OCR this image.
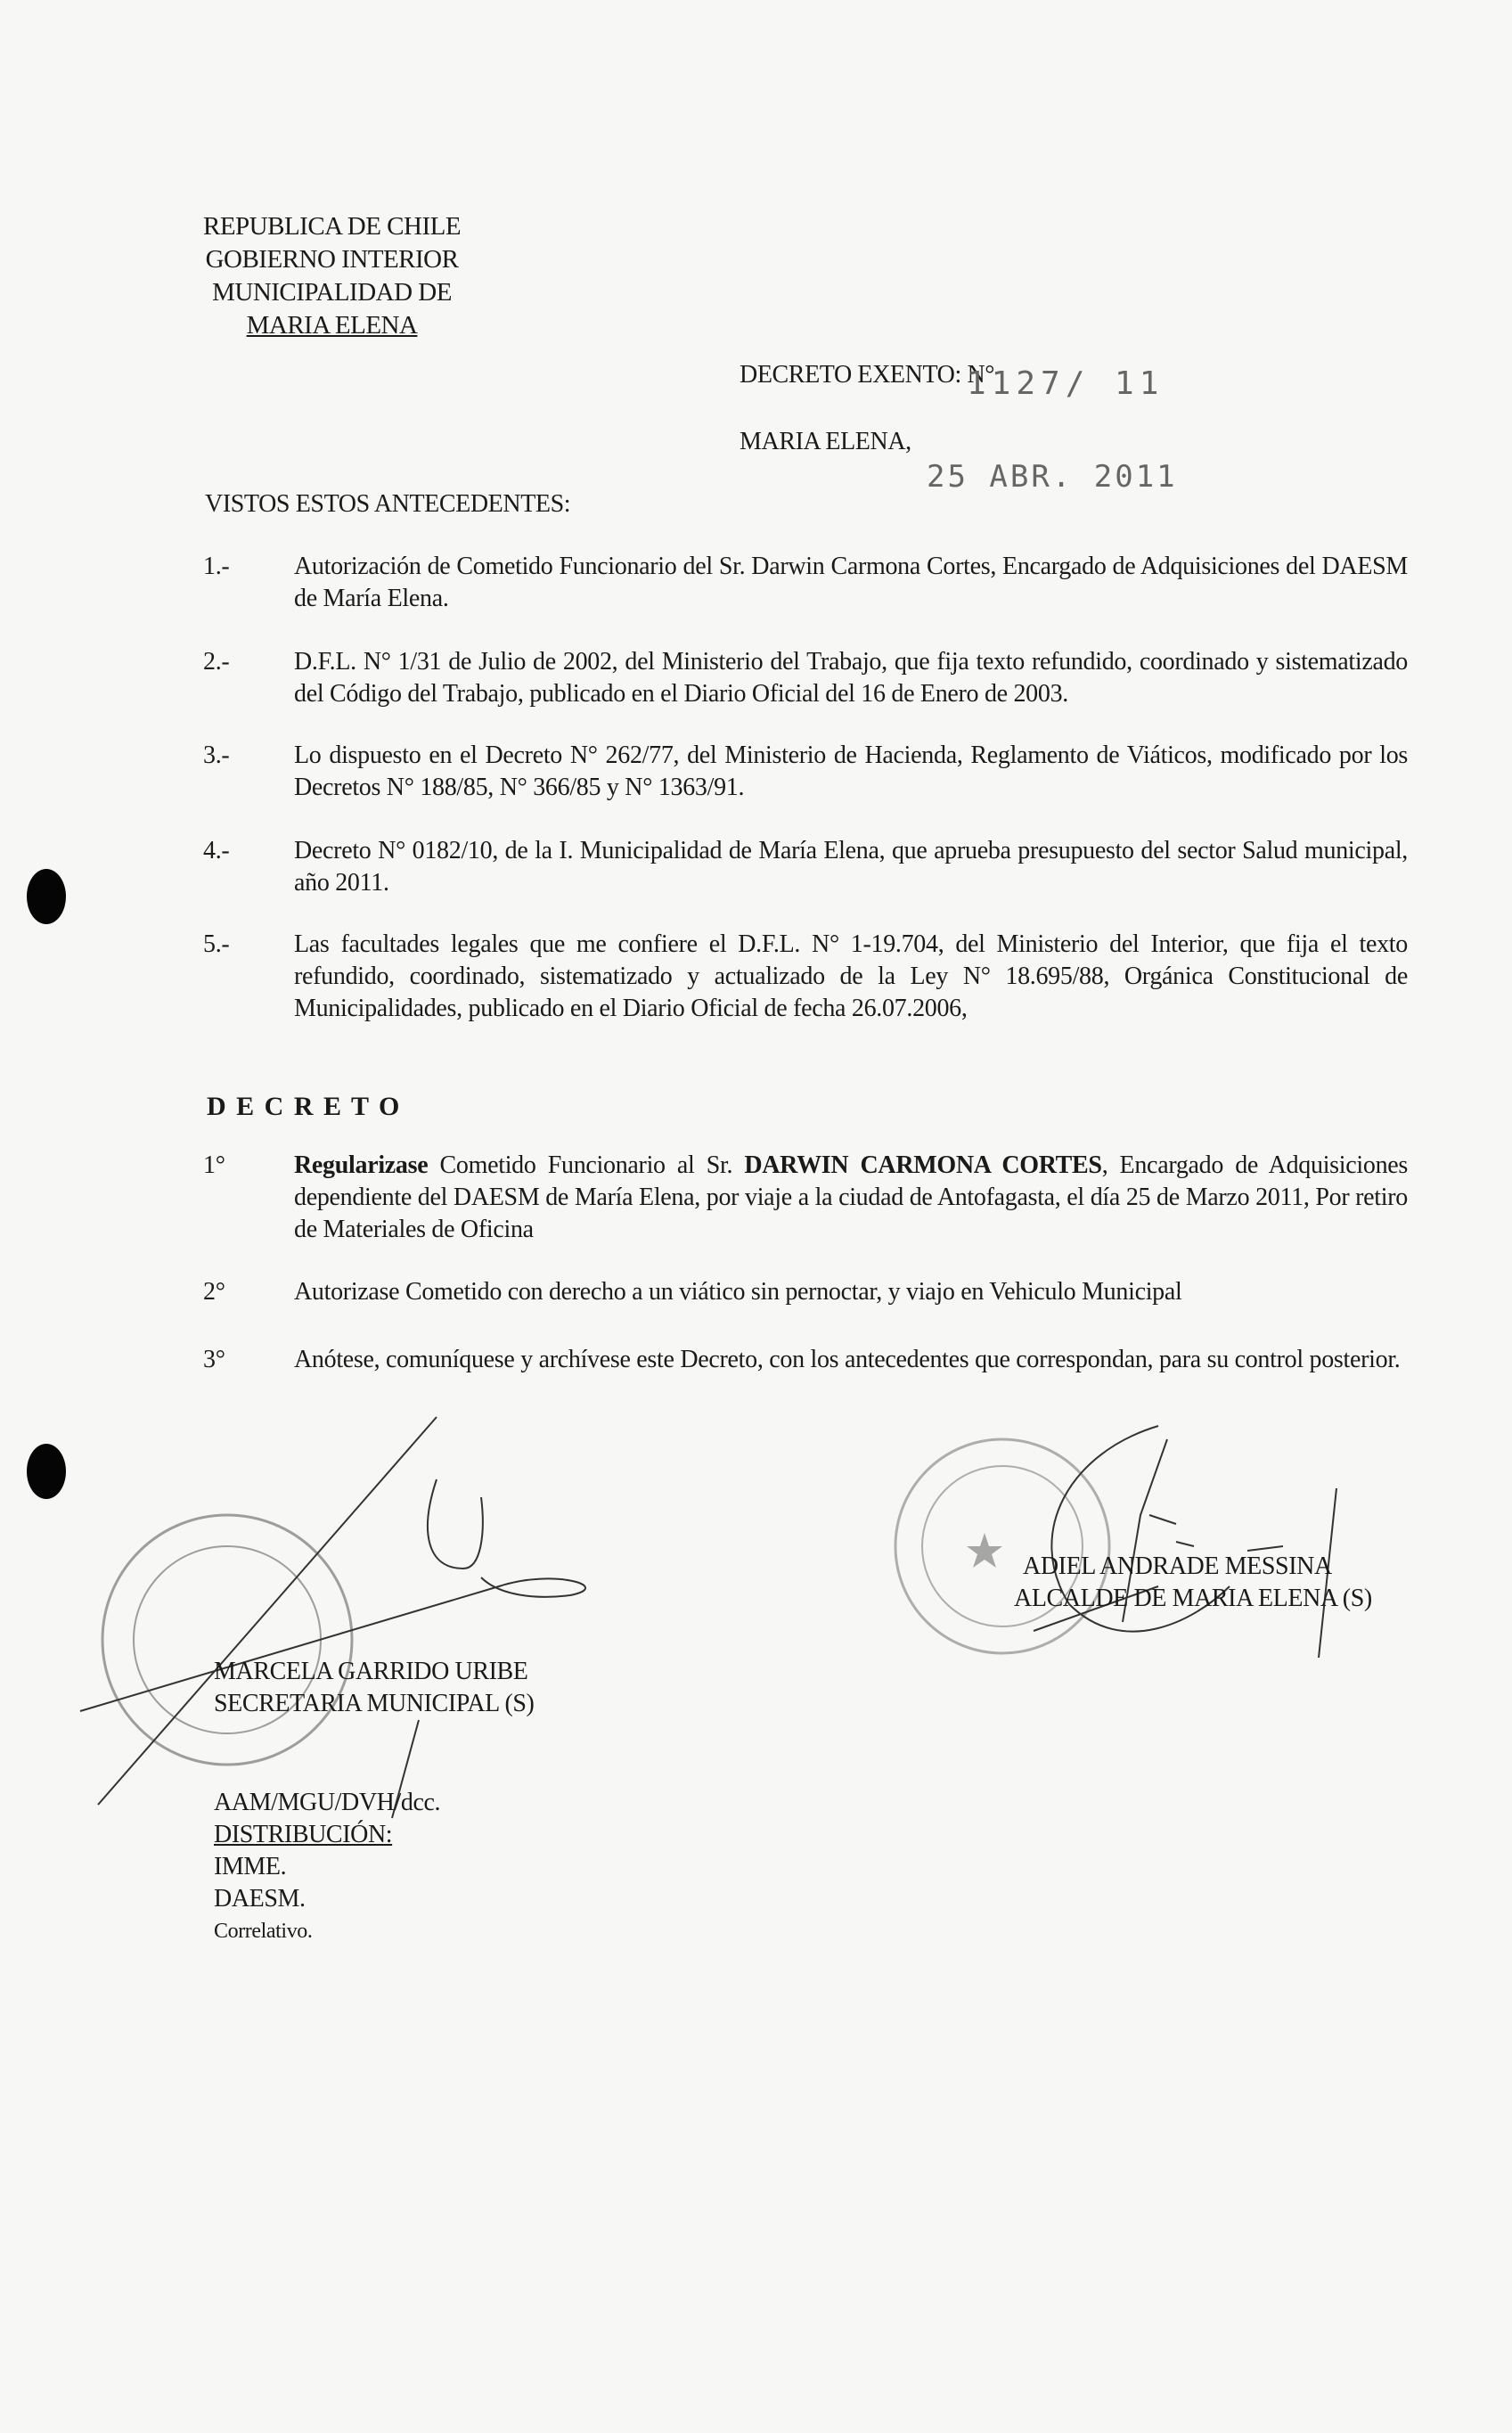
REPUBLICA DE CHILE
GOBIERNO INTERIOR
MUNICIPALIDAD DE
MARIA ELENA
DECRETO EXENTO: N°
1127/ 11
MARIA ELENA,
25 ABR. 2011
VISTOS ESTOS ANTECEDENTES:
1.-	Autorización de Cometido Funcionario del Sr. Darwin Carmona Cortes, Encargado de Adquisiciones del DAESM de María Elena.
2.-	D.F.L. N° 1/31 de Julio de 2002, del Ministerio del Trabajo, que fija texto refundido, coordinado y sistematizado del Código del Trabajo, publicado en el Diario Oficial del 16 de Enero de 2003.
3.-	Lo dispuesto en el Decreto N° 262/77, del Ministerio de Hacienda, Reglamento de Viáticos, modificado por los Decretos N° 188/85, N° 366/85 y N° 1363/91.
4.-	Decreto N° 0182/10, de la I. Municipalidad de María Elena, que aprueba presupuesto del sector Salud municipal, año 2011.
5.-	Las facultades legales que me confiere el D.F.L. N° 1-19.704, del Ministerio del Interior, que fija el texto refundido, coordinado, sistematizado y actualizado de la Ley N° 18.695/88, Orgánica Constitucional de Municipalidades, publicado en el Diario Oficial de fecha 26.07.2006,
D E C R E T O
1°	Regularizase Cometido Funcionario al Sr. DARWIN CARMONA CORTES, Encargado de Adquisiciones dependiente del DAESM de María Elena, por viaje a la ciudad de Antofagasta, el día 25 de Marzo 2011, Por retiro de Materiales de Oficina
2°	Autorizase Cometido con derecho a un viático sin pernoctar, y viajo en Vehiculo Municipal
3°	Anótese, comuníquese y archívese este Decreto, con los antecedentes que correspondan, para su control posterior.
ADIEL ANDRADE MESSINA
ALCALDE DE MARIA ELENA (S)
MARCELA GARRIDO URIBE
SECRETARIA MUNICIPAL (S)
AAM/MGU/DVH/dcc.
DISTRIBUCIÓN:
IMME.
DAESM.
Correlativo.
